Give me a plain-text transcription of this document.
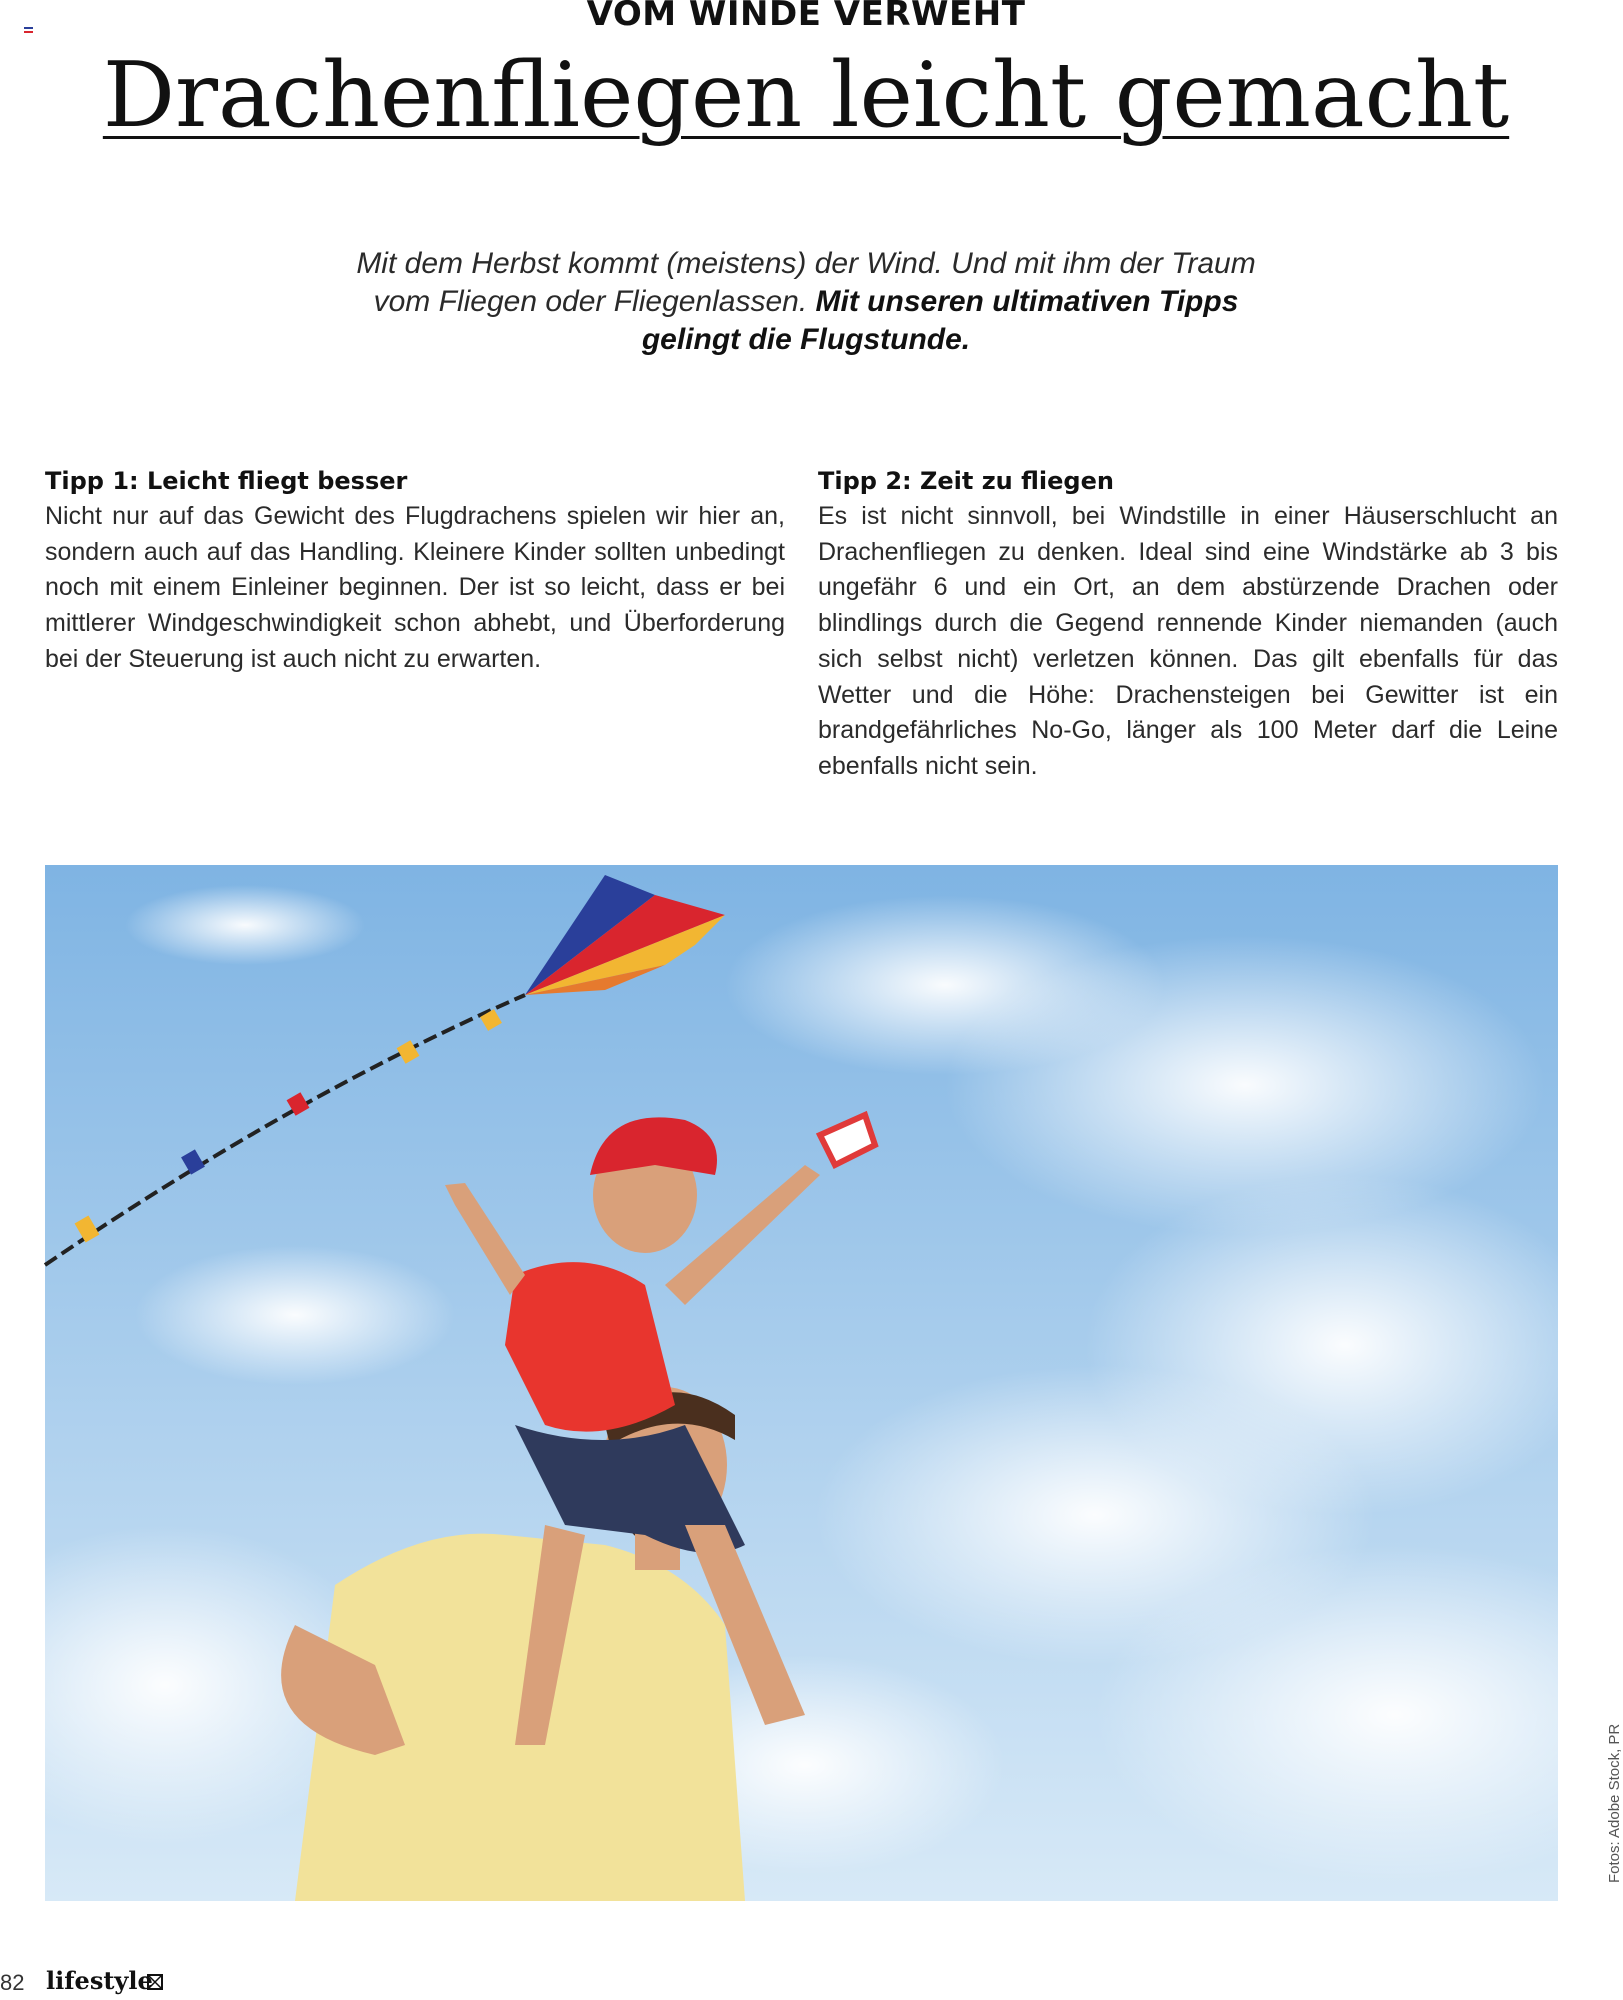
VOM WINDE VERWEHT
Drachenfliegen leicht gemacht
Mit dem Herbst kommt (meistens) der Wind. Und mit ihm der Traum vom Fliegen oder Fliegenlassen. Mit unseren ultimativen Tipps gelingt die Flugstunde.
Tipp 1: Leicht fliegt besser
Nicht nur auf das Gewicht des Flugdrachens spielen wir hier an, sondern auch auf das Handling. Kleinere Kinder sollten unbedingt noch mit einem Einleiner beginnen. Der ist so leicht, dass er bei mittlerer Windgeschwindigkeit schon abhebt, und Überforderung bei der Steuerung ist auch nicht zu erwarten.
Tipp 2: Zeit zu fliegen
Es ist nicht sinnvoll, bei Windstille in einer Häuserschlucht an Drachenfliegen zu denken. Ideal sind eine Windstärke ab 3 bis ungefähr 6 und ein Ort, an dem abstürzende Drachen oder blindlings durch die Gegend rennende Kinder niemanden (auch sich selbst nicht) verletzen können. Das gilt ebenfalls für das Wetter und die Höhe: Drachensteigen bei Gewitter ist ein brandgefährliches No-Go, länger als 100 Meter darf die Leine ebenfalls nicht sein.
Fotos: Adobe Stock, PR
82 lifestyle
